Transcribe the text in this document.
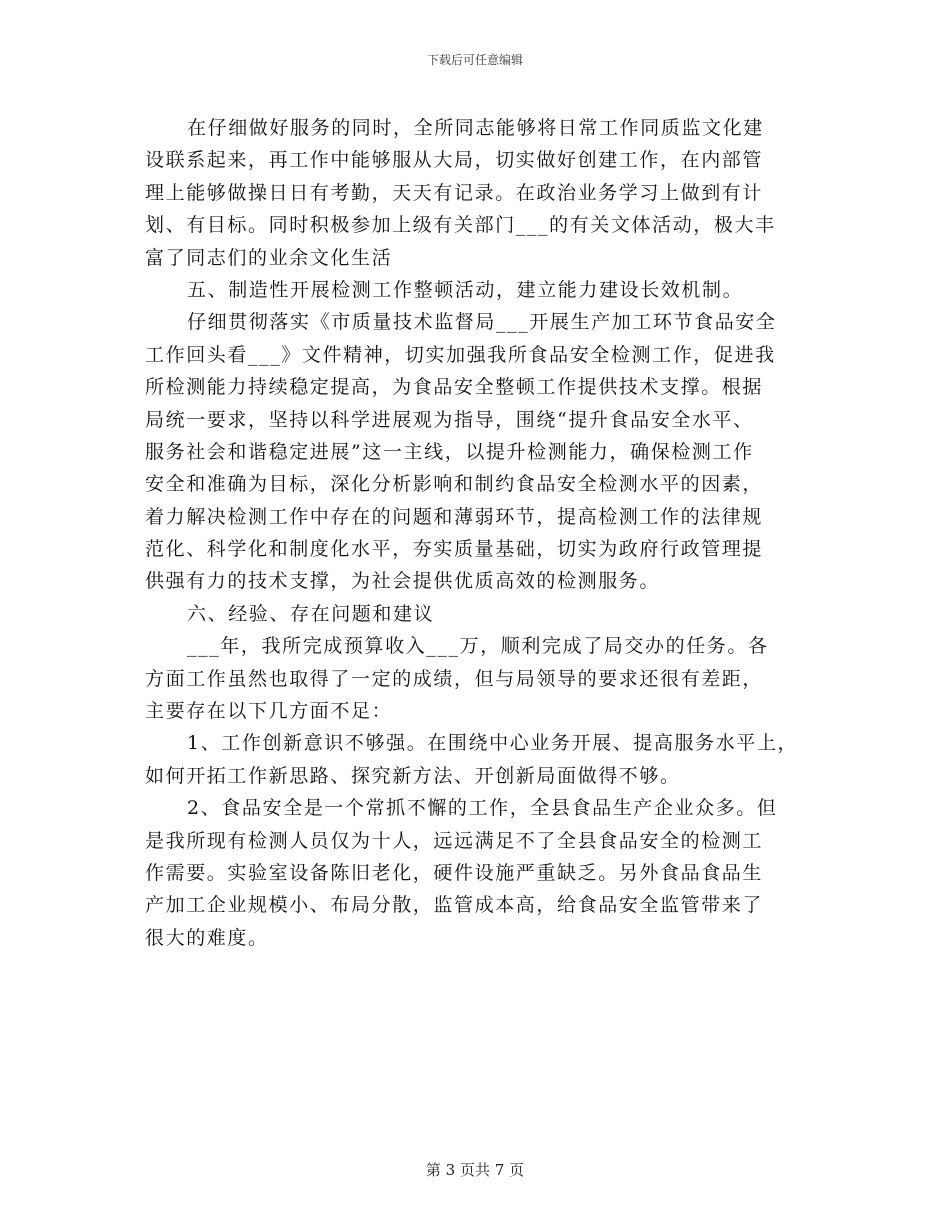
下载后可任意编辑
在仔细做好服务的同时，全所同志能够将日常工作同质监文化建
设联系起来，再工作中能够服从大局，切实做好创建工作，在内部管
理上能够做操日日有考勤，天天有记录。在政治业务学习上做到有计
划、有目标。同时积极参加上级有关部门___的有关文体活动，极大丰
富了同志们的业余文化生活
五、制造性开展检测工作整顿活动，建立能力建设长效机制。
仔细贯彻落实《市质量技术监督局___开展生产加工环节食品安全
工作回头看___》文件精神，切实加强我所食品安全检测工作，促进我
所检测能力持续稳定提高，为食品安全整顿工作提供技术支撑。根据
局统一要求，坚持以科学进展观为指导，围绕“提升食品安全水平、
服务社会和谐稳定进展”这一主线，以提升检测能力，确保检测工作
安全和准确为目标，深化分析影响和制约食品安全检测水平的因素，
着力解决检测工作中存在的问题和薄弱环节，提高检测工作的法律规
范化、科学化和制度化水平，夯实质量基础，切实为政府行政管理提
供强有力的技术支撑，为社会提供优质高效的检测服务。
六、经验、存在问题和建议
___年，我所完成预算收入___万，顺利完成了局交办的任务。各
方面工作虽然也取得了一定的成绩，但与局领导的要求还很有差距，
主要存在以下几方面不足：
1、工作创新意识不够强。在围绕中心业务开展、提高服务水平上，
如何开拓工作新思路、探究新方法、开创新局面做得不够。
2、食品安全是一个常抓不懈的工作，全县食品生产企业众多。但
是我所现有检测人员仅为十人，远远满足不了全县食品安全的检测工
作需要。实验室设备陈旧老化，硬件设施严重缺乏。另外食品食品生
产加工企业规模小、布局分散，监管成本高，给食品安全监管带来了
很大的难度。
第 3 页共 7 页
